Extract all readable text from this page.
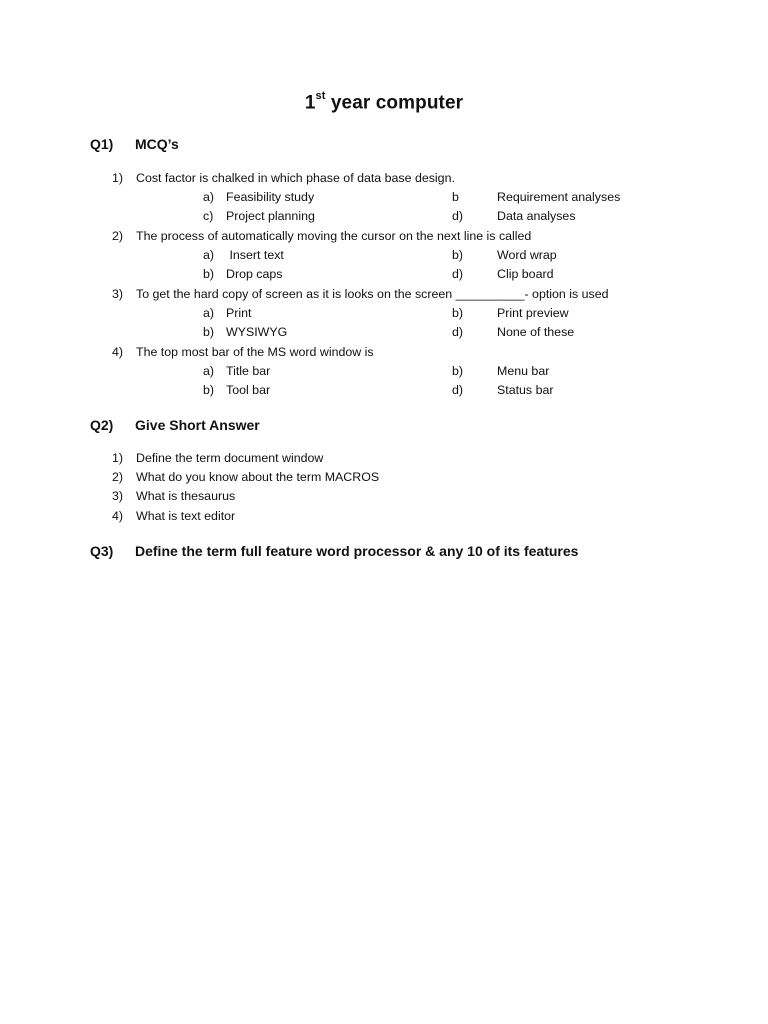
1st year computer
Q1) MCQ’s
1)	Cost factor is chalked in which phase of data base design.
a) Feasibility study	b	Requirement analyses
c) Project planning	d)	Data analyses
2)	The process of automatically moving the cursor on the next line is called
a) Insert text	b)	Word wrap
b) Drop caps	d)	Clip board
3)	To get the hard copy of screen as it is looks on the screen __________- option is used
a) Print	b)	Print preview
b) WYSIWYG	d)	None of these
4)	The top most bar of the MS word window is
a) Title bar	b)	Menu bar
b) Tool bar	d)	Status bar
Q2) Give Short Answer
1)	Define the term document window
2)	What do you know about the term MACROS
3)	What is thesaurus
4)	What is text editor
Q3) Define the term full feature word processor & any 10 of its features
